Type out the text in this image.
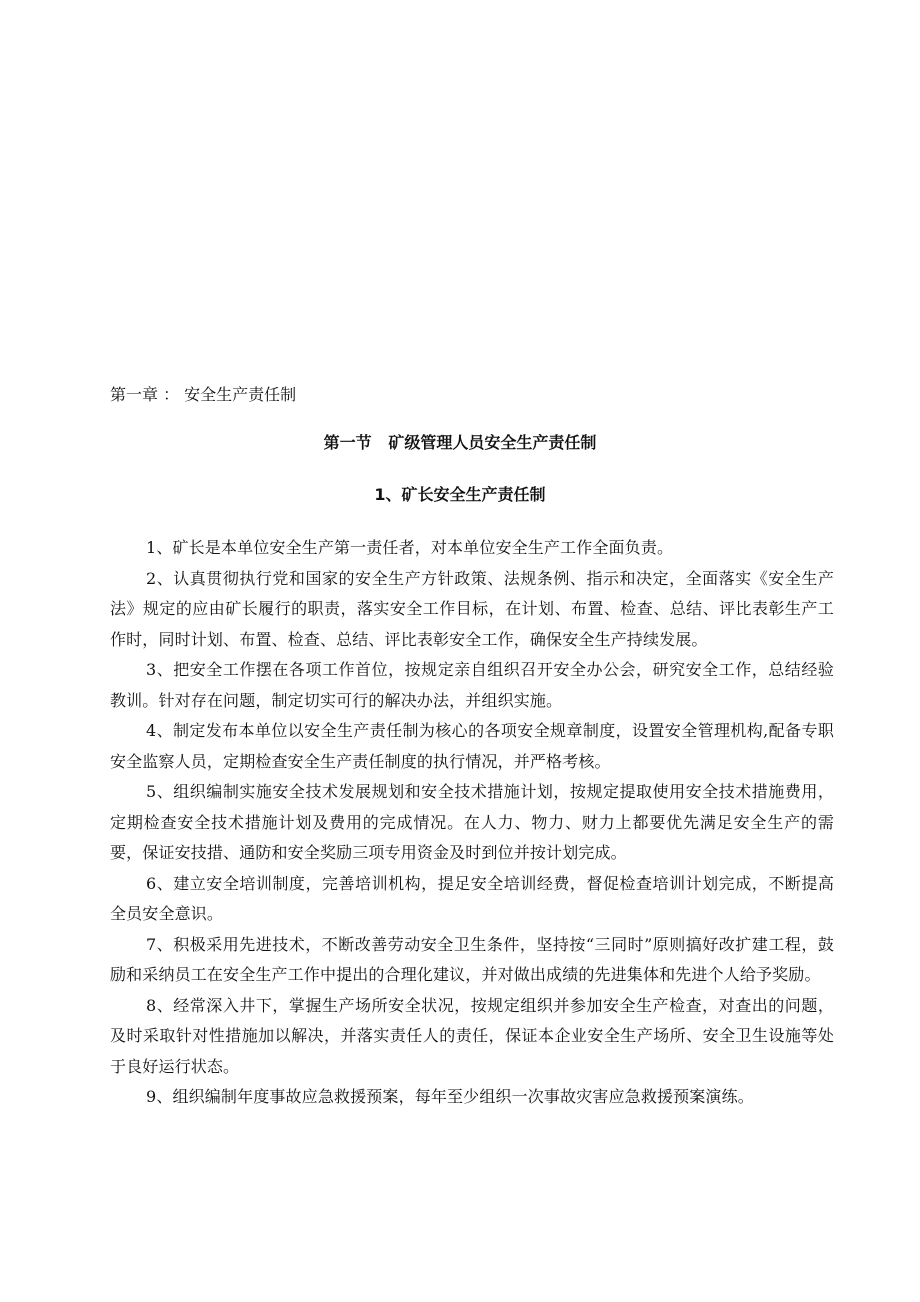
第一章 ： 安全生产责任制
第一节   矿级管理人员安全生产责任制
1、矿长安全生产责任制

1、矿长是本单位安全生产第一责任者，对本单位安全生产工作全面负责。

2、认真贯彻执行党和国家的安全生产方针政策、法规条例、指示和决定，全面落实《安全生产法》规定的应由矿长履行的职责，落实安全工作目标，在计划、布置、检查、总结、评比表彰生产工作时，同时计划、布置、检查、总结、评比表彰安全工作，确保安全生产持续发展。

3、把安全工作摆在各项工作首位，按规定亲自组织召开安全办公会，研究安全工作，总结经验教训。针对存在问题，制定切实可行的解决办法，并组织实施。

4、制定发布本单位以安全生产责任制为核心的各项安全规章制度，设置安全管理机构,配备专职安全监察人员，定期检查安全生产责任制度的执行情况，并严格考核。

5、组织编制实施安全技术发展规划和安全技术措施计划，按规定提取使用安全技术措施费用，定期检查安全技术措施计划及费用的完成情况。在人力、物力、财力上都要优先满足安全生产的需要，保证安技措、通防和安全奖励三项专用资金及时到位并按计划完成。

6、建立安全培训制度，完善培训机构，提足安全培训经费，督促检查培训计划完成，不断提高全员安全意识。

7、积极采用先进技术，不断改善劳动安全卫生条件，坚持按“三同时”原则搞好改扩建工程，鼓励和采纳员工在安全生产工作中提出的合理化建议，并对做出成绩的先进集体和先进个人给予奖励。

8、经常深入井下，掌握生产场所安全状况，按规定组织并参加安全生产检查，对查出的问题，及时采取针对性措施加以解决，并落实责任人的责任，保证本企业安全生产场所、安全卫生设施等处于良好运行状态。

9、组织编制年度事故应急救援预案，每年至少组织一次事故灾害应急救援预案演练。
